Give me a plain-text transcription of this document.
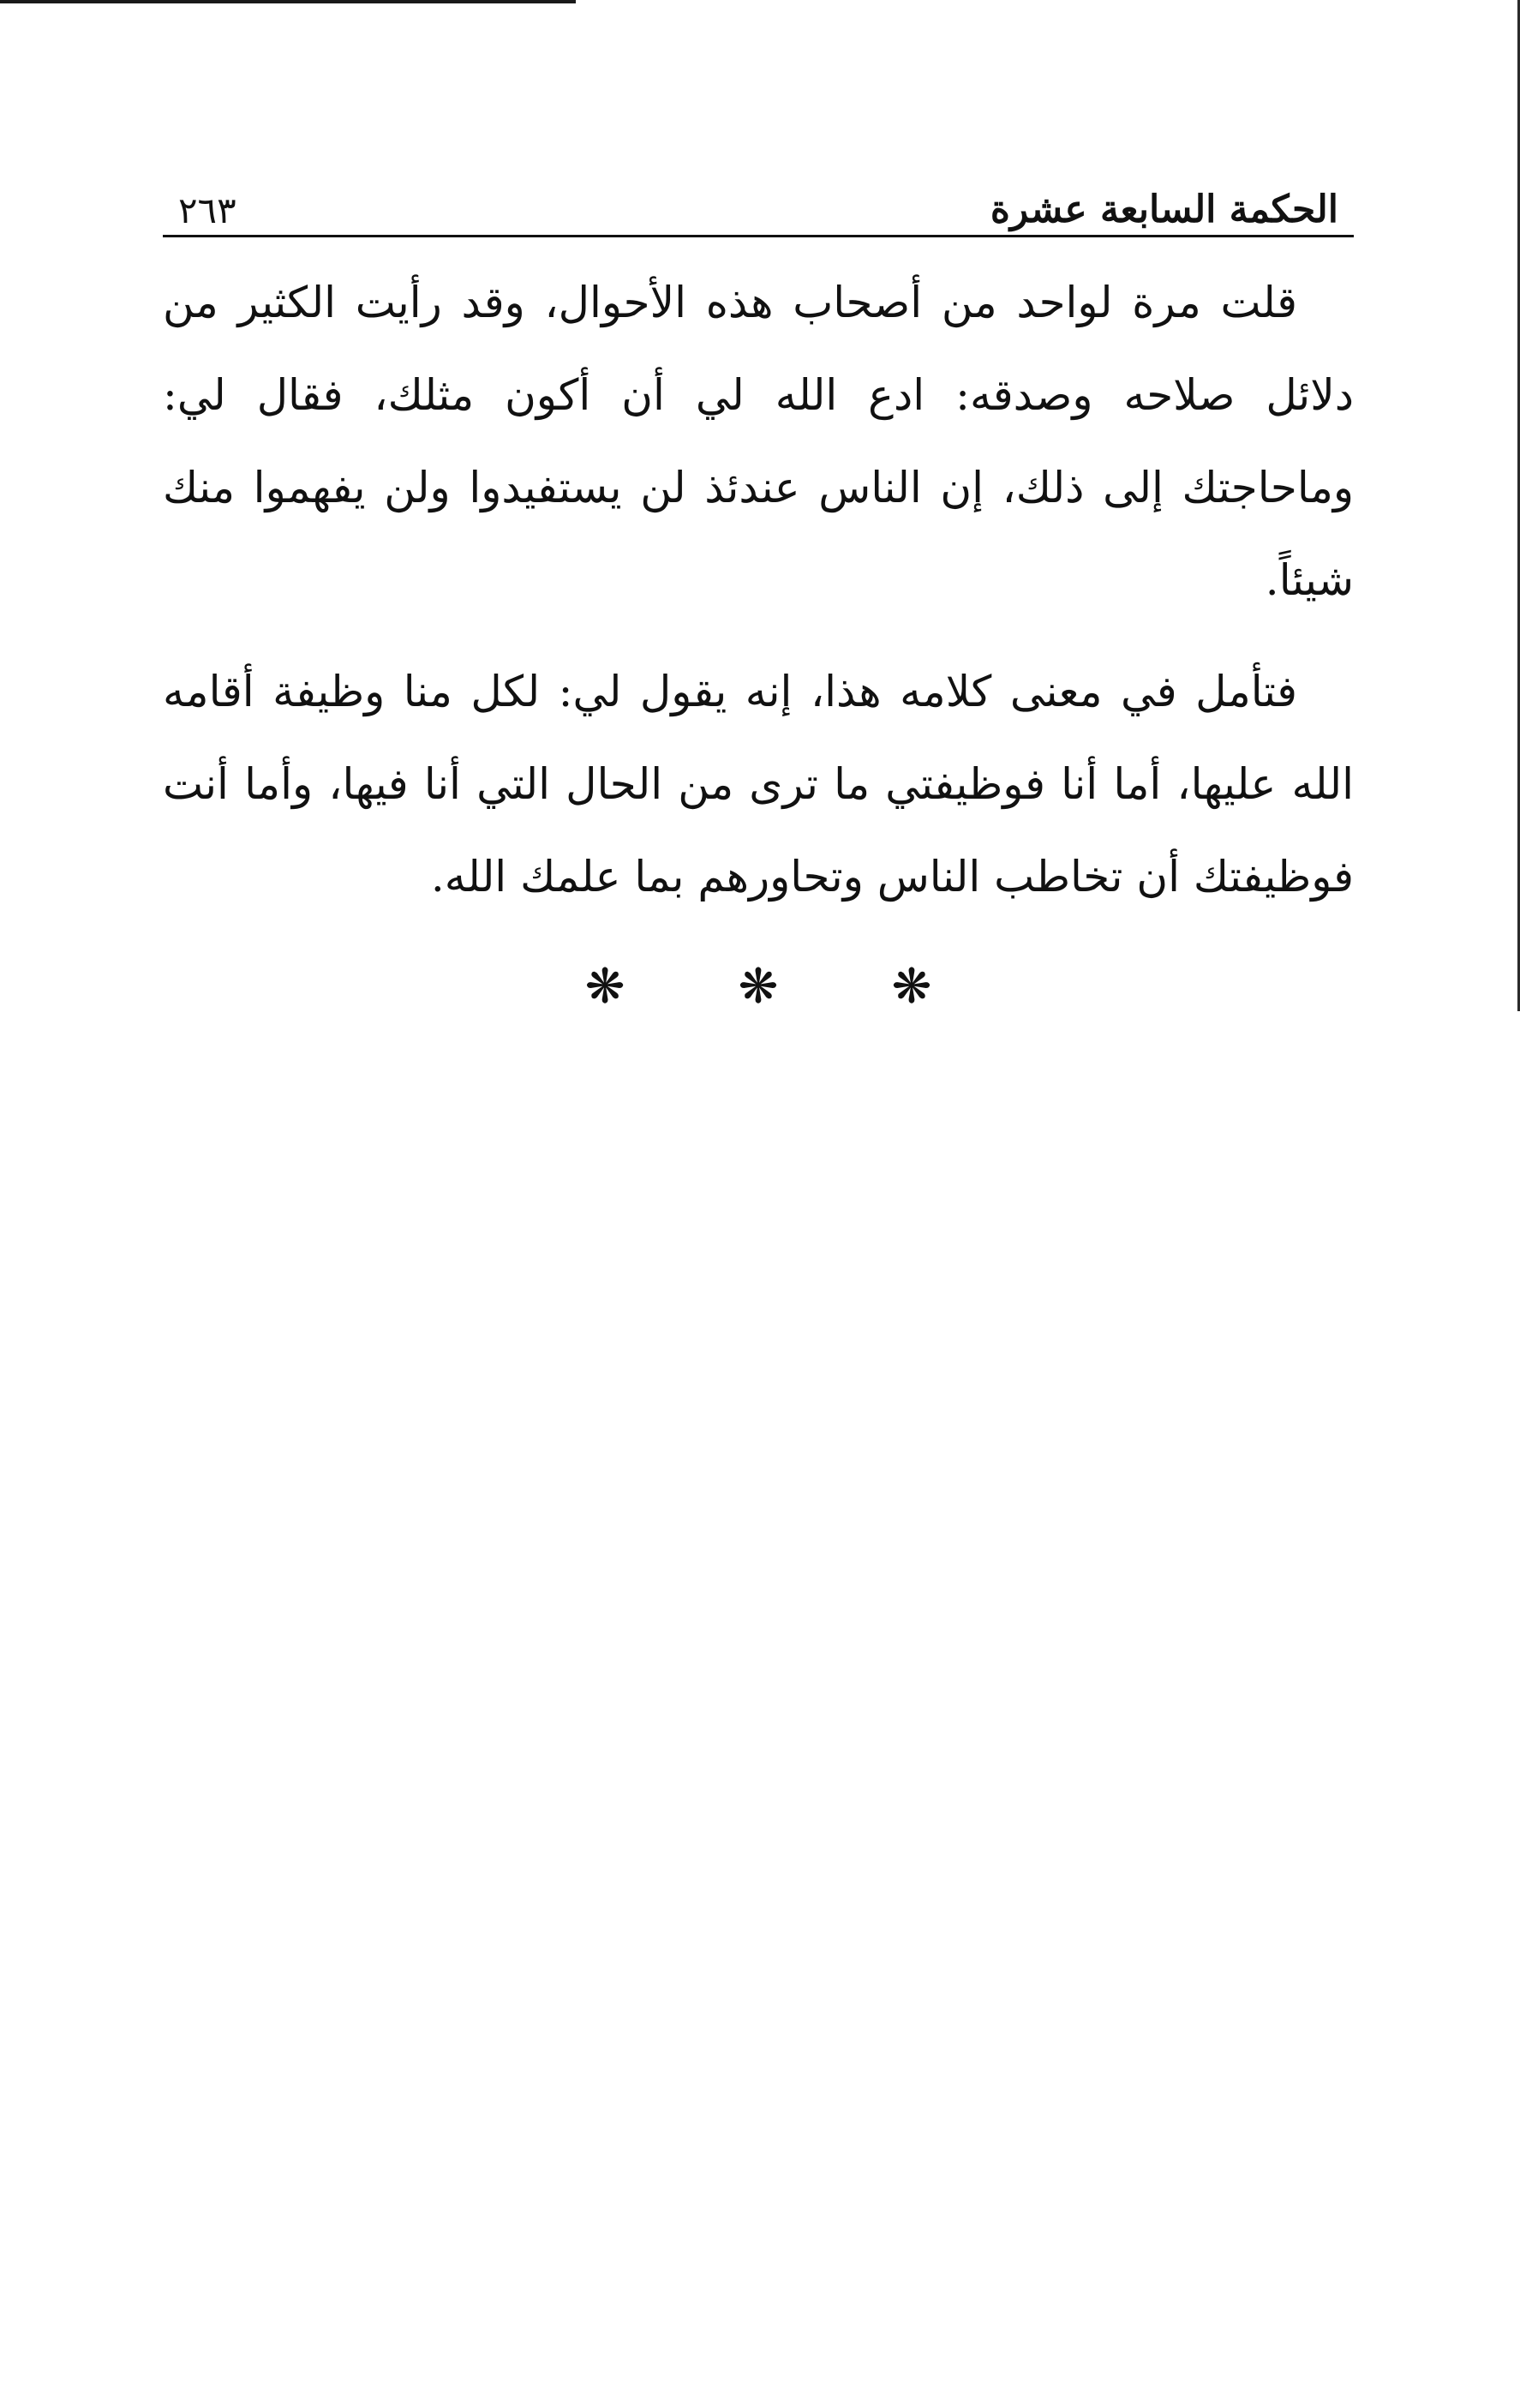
الحكمة السابعة عشرة
٢٦٣

قلت مرة لواحد من أصحاب هذه الأحوال، وقد رأيت الكثير من دلائل صلاحه وصدقه: ادع الله لي أن أكون مثلك، فقال لي: وماحاجتك إلى ذلك، إن الناس عندئذ لن يستفيدوا ولن يفهموا منك شيئاً.

فتأمل في معنى كلامه هذا، إنه يقول لي: لكل منا وظيفة أقامه الله عليها، أما أنا فوظيفتي ما ترى من الحال التي أنا فيها، وأما أنت فوظيفتك أن تخاطب الناس وتحاورهم بما علمك الله.

❋ ❋ ❋
